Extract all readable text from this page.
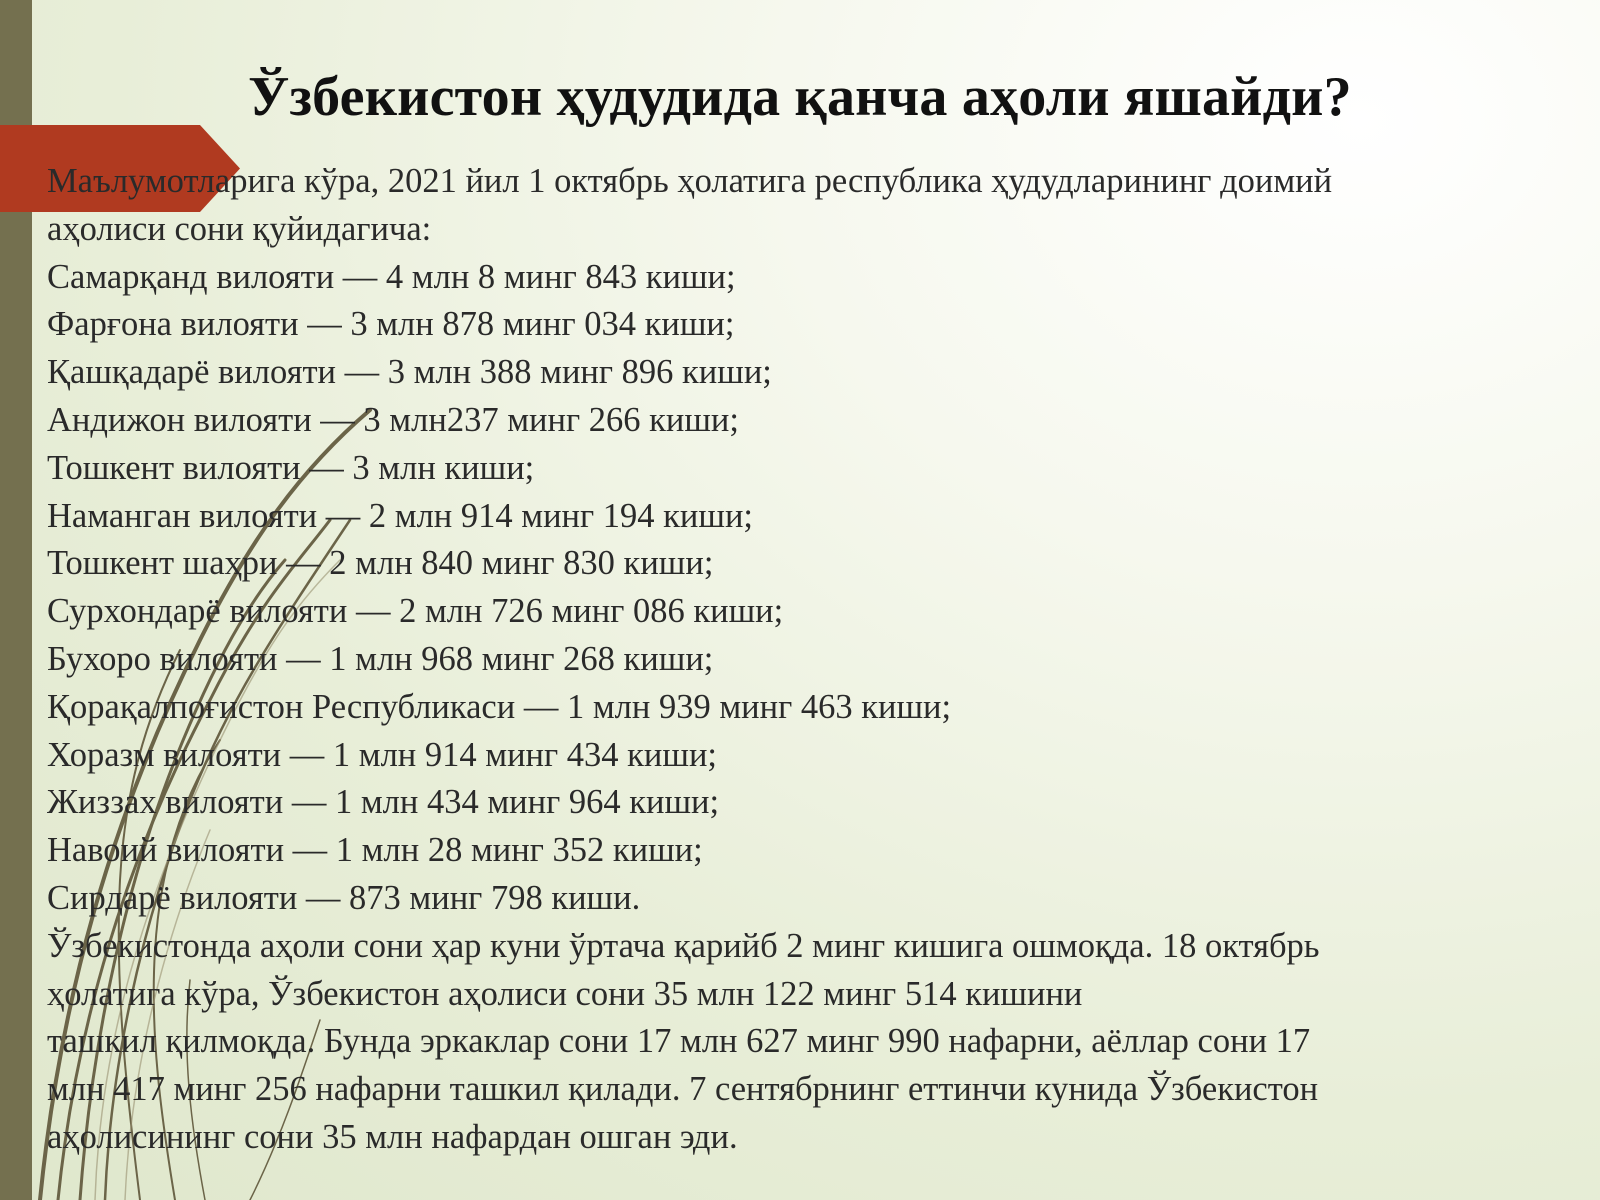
Ўзбекистон ҳудудида қанча аҳоли яшайди?
Маълумотларига кўра, 2021 йил 1 октябрь ҳолатига республика ҳудудларининг доимий
аҳолиси сони қуйидагича:
Самарқанд вилояти — 4 млн 8 минг 843 киши;
Фарғона вилояти — 3 млн 878 минг 034 киши;
Қашқадарё вилояти — 3 млн 388 минг 896 киши;
Андижон вилояти — 3 млн237 минг 266 киши;
Тошкент вилояти — 3 млн киши;
Наманган вилояти — 2 млн 914 минг 194 киши;
Тошкент шаҳри — 2 млн 840 минг 830 киши;
Сурхондарё вилояти — 2 млн 726 минг 086 киши;
Бухоро вилояти — 1 млн 968 минг 268 киши;
Қорақалпоғистон Республикаси — 1 млн 939 минг 463 киши;
Хоразм вилояти — 1 млн 914 минг 434 киши;
Жиззах вилояти — 1 млн 434 минг 964 киши;
Навоий вилояти — 1 млн 28 минг 352 киши;
Сирдарё вилояти — 873 минг 798 киши.
Ўзбекистонда аҳоли сони ҳар куни ўртача қарийб 2 минг кишига ошмоқда. 18 октябрь
ҳолатига кўра, Ўзбекистон аҳолиси сони 35 млн 122 минг 514 кишини
ташкил қилмоқда. Бунда эркаклар сони 17 млн 627 минг 990 нафарни, аёллар сони 17
млн 417 минг 256 нафарни ташкил қилади. 7 сентябрнинг еттинчи кунида Ўзбекистон
аҳолисининг сони 35 млн нафардан ошган эди.
